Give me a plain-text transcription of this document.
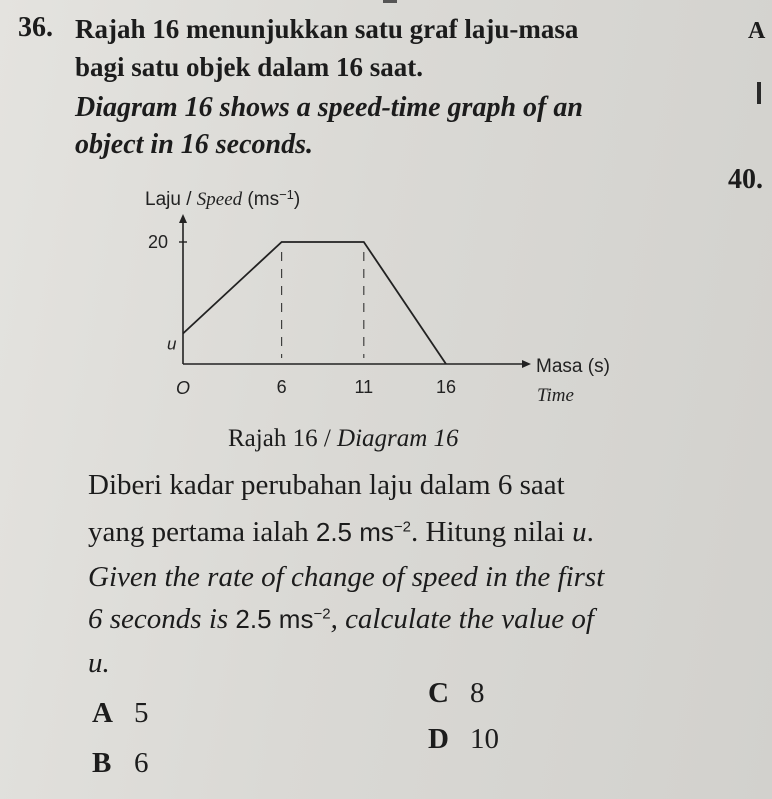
36. Rajah 16 menunjukkan satu graf laju-masa
bagi satu objek dalam 16 saat.
Diagram 16 shows a speed-time graph of an
object in 16 seconds.
A
40.
Laju / Speed $(ms^{-1})$
20
u
O	6	11	16
Masa (s)
Time
Rajah 16 / Diagram 16
Diberi kadar perubahan laju dalam 6 saat
yang pertama ialah 2.5 $ms^{-2}$. Hitung nilai u.
Given the rate of change of speed in the first
6 seconds is 2.5 $ms^{-2}$, calculate the value of
u.
A 5
B 6
C 8
D 10
